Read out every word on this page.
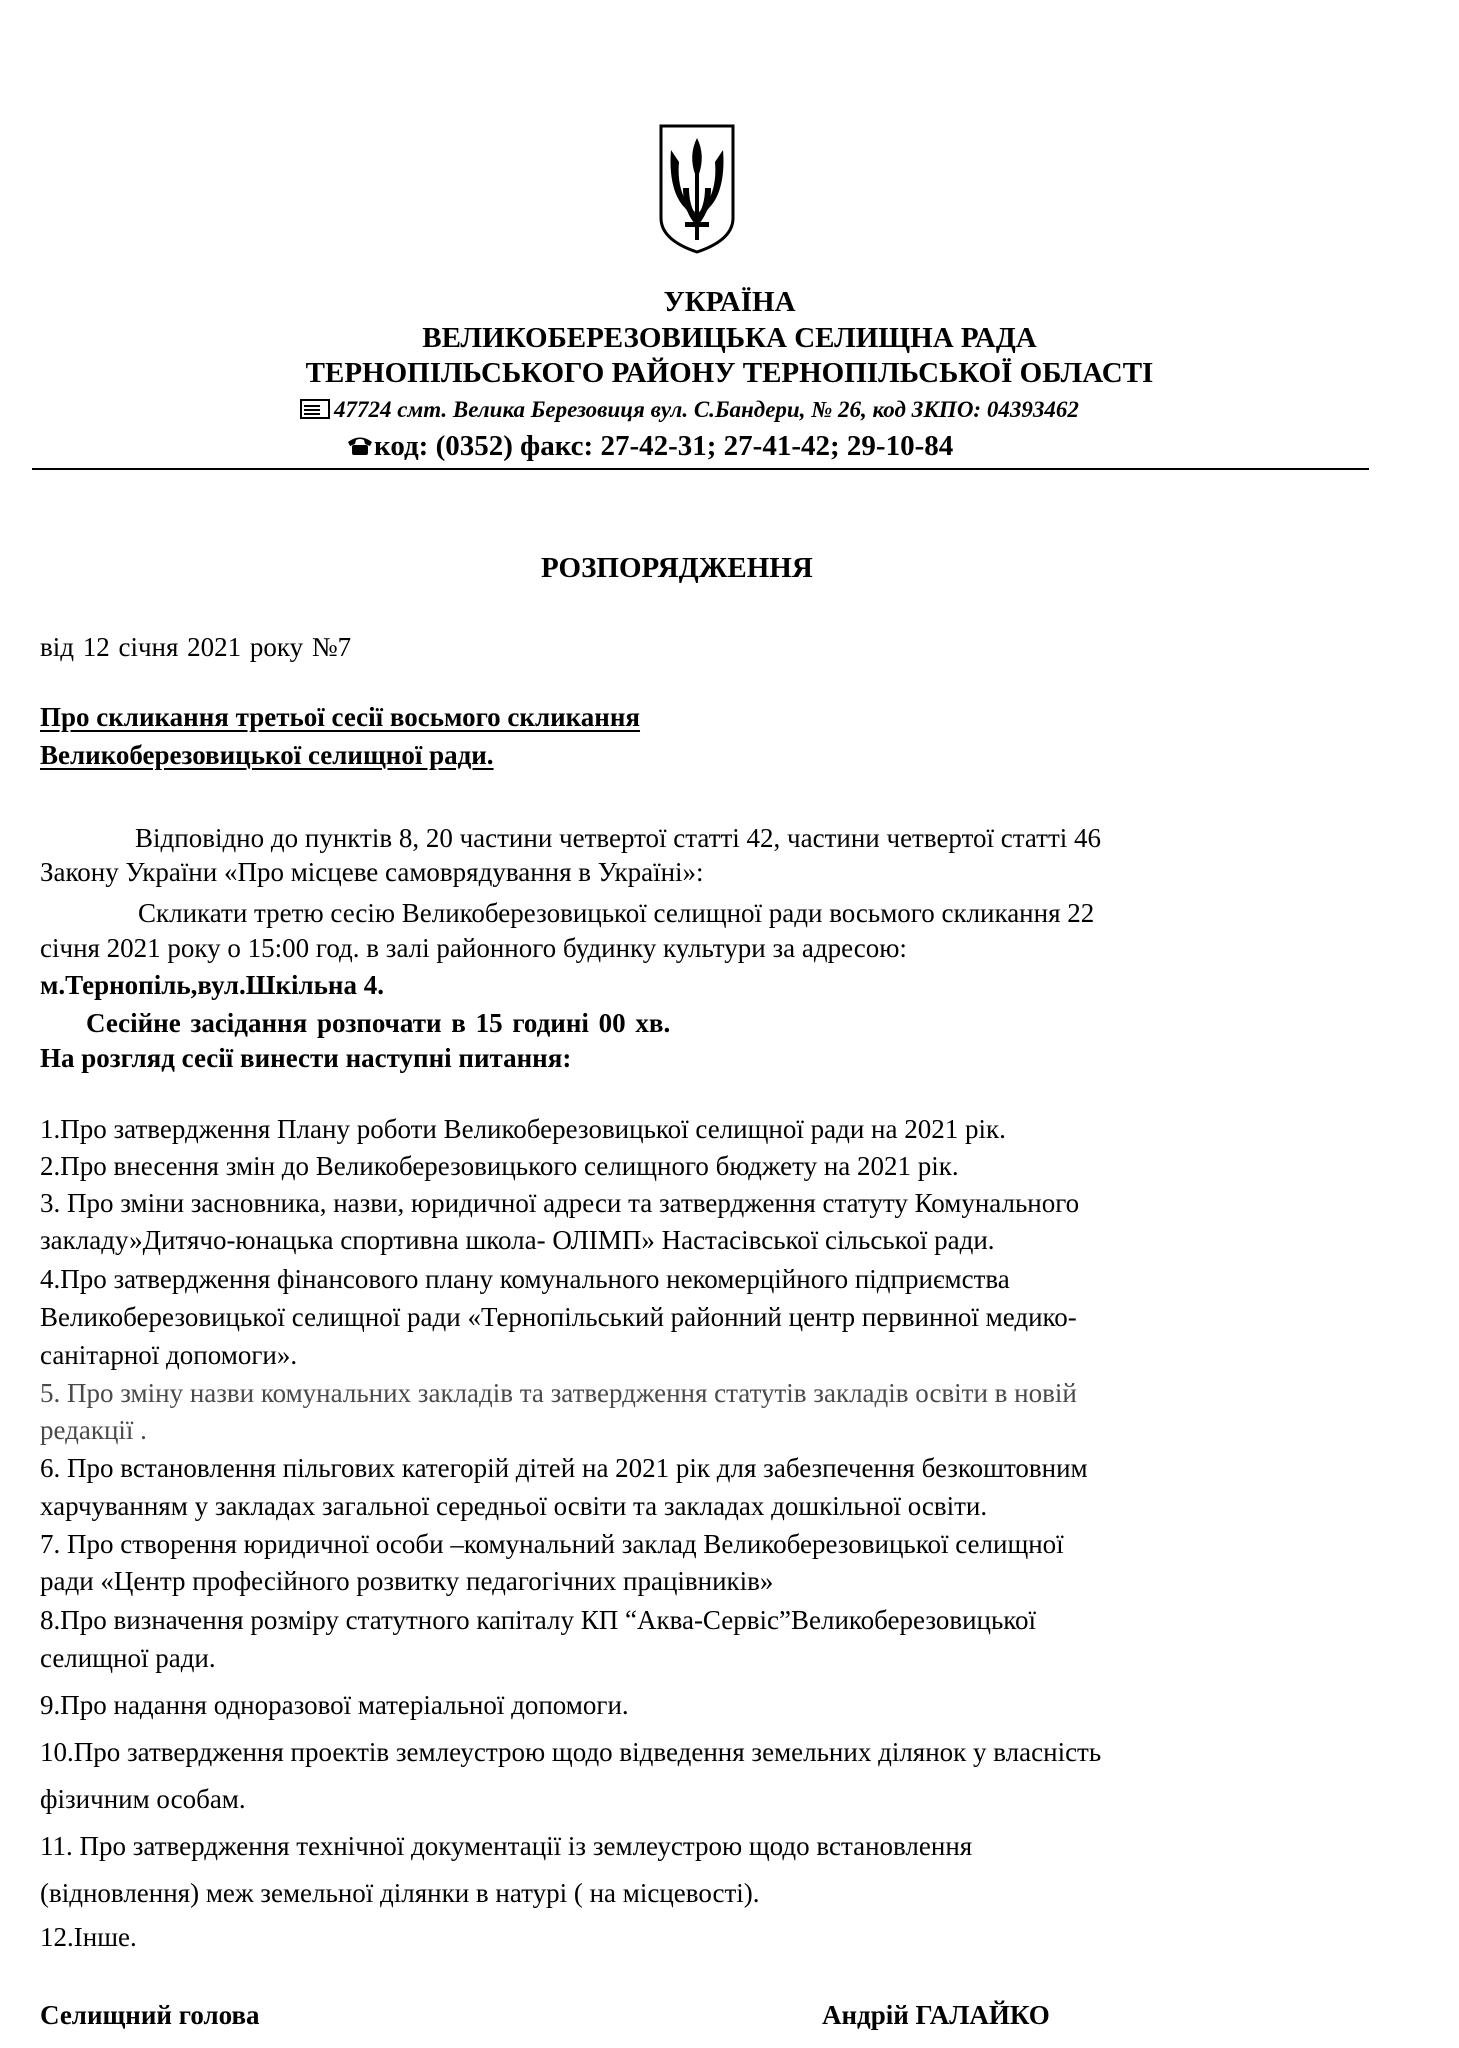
УКРАЇНА
ВЕЛИКОБЕРЕЗОВИЦЬКА СЕЛИЩНА РАДА
ТЕРНОПІЛЬСЬКОГО РАЙОНУ ТЕРНОПІЛЬСЬКОЇ ОБЛАСТІ
47724 смт. Велика Березовиця вул. С.Бандери, № 26, код ЗКПО: 04393462
код: (0352) факс: 27-42-31; 27-41-42; 29-10-84
РОЗПОРЯДЖЕННЯ
від 12 січня 2021 року №7
Про скликання третьої сесії восьмого скликання
Великоберезовицької селищної ради.
Відповідно до пунктів 8, 20 частини четвертої статті 42, частини четвертої статті 46
Закону України «Про місцеве самоврядування в Україні»:
Скликати третю сесію Великоберезовицької селищної ради восьмого скликання 22
січня 2021 року о 15:00 год. в залі районного будинку культури за адресою:
м.Тернопіль,вул.Шкільна 4.
Сесійне засідання розпочати в 15 годині 00 хв.
На розгляд сесії винести наступні питання:
1.Про затвердження Плану роботи Великоберезовицької селищної ради на 2021 рік.
2.Про внесення змін до Великоберезовицького селищного бюджету на 2021 рік.
3. Про зміни засновника, назви, юридичної адреси та затвердження статуту Комунального
закладу»Дитячо-юнацька спортивна школа- ОЛІМП» Настасівської сільської ради.
4.Про затвердження фінансового плану комунального некомерційного підприємства
Великоберезовицької селищної ради «Тернопільський районний центр первинної медико-
санітарної допомоги».
5. Про зміну назви комунальних закладів та затвердження статутів закладів освіти в новій
редакції .
6. Про встановлення пільгових категорій дітей на 2021 рік для забезпечення безкоштовним
харчуванням у закладах загальної середньої освіти та закладах дошкільної освіти.
7. Про створення юридичної особи –комунальний заклад Великоберезовицької селищної
ради «Центр професійного розвитку педагогічних працівників»
8.Про визначення розміру статутного капіталу КП “Аква-Сервіс”Великоберезовицької
селищної ради.
9.Про надання одноразової матеріальної допомоги.
10.Про затвердження проектів землеустрою щодо відведення земельних ділянок у власність
фізичним особам.
11. Про затвердження технічної документації із землеустрою щодо встановлення
(відновлення) меж земельної ділянки в натурі ( на місцевості).
12.Інше.
Селищний голова	Андрій ГАЛАЙКО
